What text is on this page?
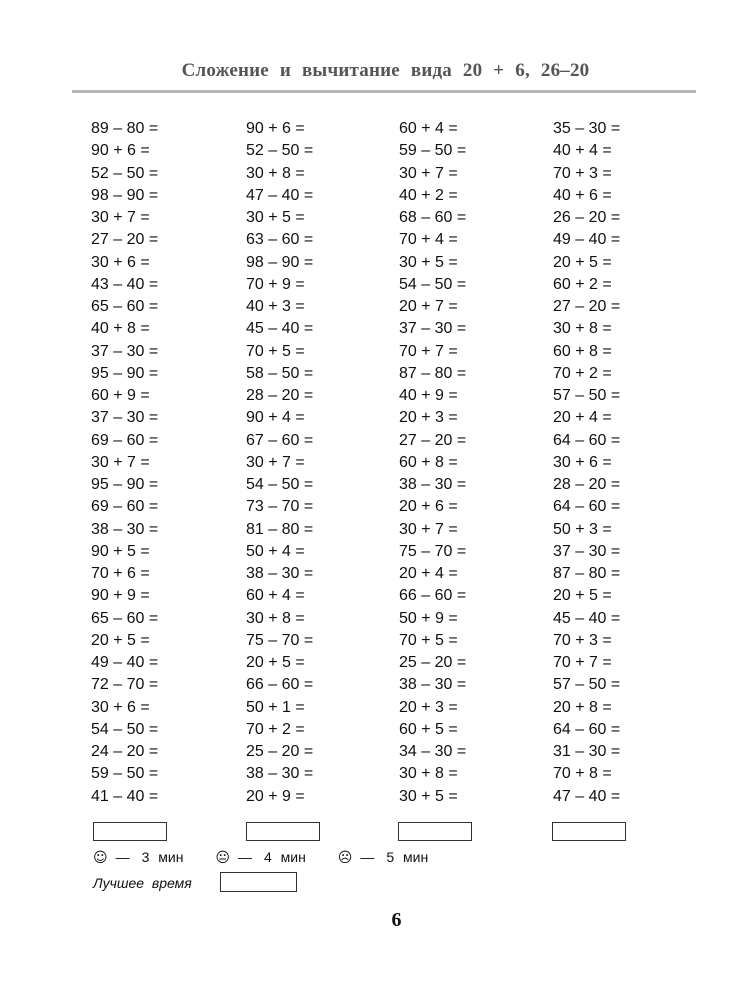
Сложение и вычитание вида 20 + 6, 26–20
89 – 80 =
90 + 6 =
52 – 50 =
98 – 90 =
30 + 7 =
27 – 20 =
30 + 6 =
43 – 40 =
65 – 60 =
40 + 8 =
37 – 30 =
95 – 90 =
60 + 9 =
37 – 30 =
69 – 60 =
30 + 7 =
95 – 90 =
69 – 60 =
38 – 30 =
90 + 5 =
70 + 6 =
90 + 9 =
65 – 60 =
20 + 5 =
49 – 40 =
72 – 70 =
30 + 6 =
54 – 50 =
24 – 20 =
59 – 50 =
41 – 40 =
90 + 6 =
52 – 50 =
30 + 8 =
47 – 40 =
30 + 5 =
63 – 60 =
98 – 90 =
70 + 9 =
40 + 3 =
45 – 40 =
70 + 5 =
58 – 50 =
28 – 20 =
90 + 4 =
67 – 60 =
30 + 7 =
54 – 50 =
73 – 70 =
81 – 80 =
50 + 4 =
38 – 30 =
60 + 4 =
30 + 8 =
75 – 70 =
20 + 5 =
66 – 60 =
50 + 1 =
70 + 2 =
25 – 20 =
38 – 30 =
20 + 9 =
60 + 4 =
59 – 50 =
30 + 7 =
40 + 2 =
68 – 60 =
70 + 4 =
30 + 5 =
54 – 50 =
20 + 7 =
37 – 30 =
70 + 7 =
87 – 80 =
40 + 9 =
20 + 3 =
27 – 20 =
60 + 8 =
38 – 30 =
20 + 6 =
30 + 7 =
75 – 70 =
20 + 4 =
66 – 60 =
50 + 9 =
70 + 5 =
25 – 20 =
38 – 30 =
20 + 3 =
60 + 5 =
34 – 30 =
30 + 8 =
30 + 5 =
35 – 30 =
40 + 4 =
70 + 3 =
40 + 6 =
26 – 20 =
49 – 40 =
20 + 5 =
60 + 2 =
27 – 20 =
30 + 8 =
60 + 8 =
70 + 2 =
57 – 50 =
20 + 4 =
64 – 60 =
30 + 6 =
28 – 20 =
64 – 60 =
50 + 3 =
37 – 30 =
87 – 80 =
20 + 5 =
45 – 40 =
70 + 3 =
70 + 7 =
57 – 50 =
20 + 8 =
64 – 60 =
31 – 30 =
70 + 8 =
47 – 40 =
☺ — 3 мин 😐 — 4 мин ☹ — 5 мин
Лучшее время
6
